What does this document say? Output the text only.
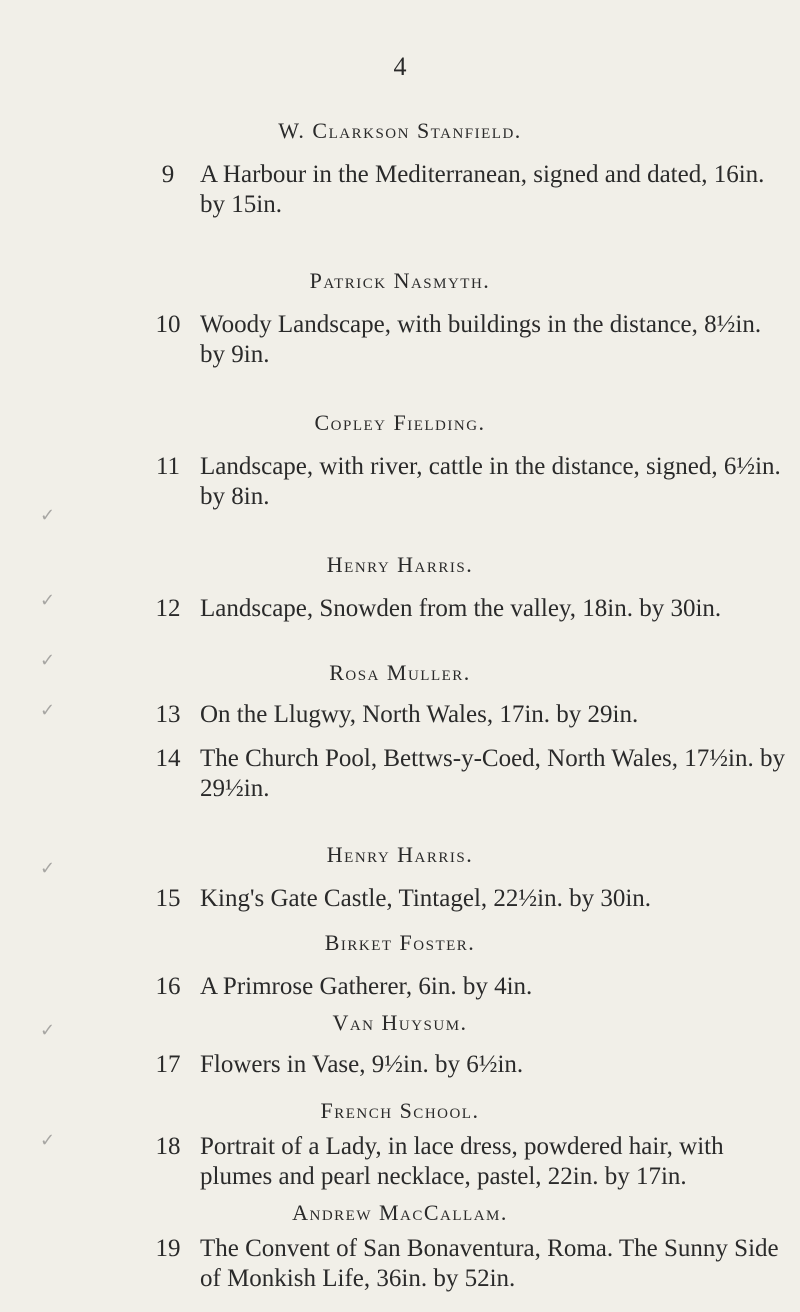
✓
✓
✓
✓
✓
✓
✓
4
W. Clarkson Stanfield.
9	A Harbour in the Mediterranean, signed and dated, 16in. by 15in.
Patrick Nasmyth.
10 Woody Landscape, with buildings in the distance, 8½in. by 9in.
Copley Fielding.
11 Landscape, with river, cattle in the distance, signed, 6½in. by 8in.
Henry Harris.
12 Landscape, Snowden from the valley, 18in. by 30in.
Rosa Muller.
13 On the Llugwy, North Wales, 17in. by 29in.
14 The Church Pool, Bettws-y-Coed, North Wales, 17½in. by 29½in.
Henry Harris.
15 King's Gate Castle, Tintagel, 22½in. by 30in.
Birket Foster.
16 A Primrose Gatherer, 6in. by 4in.
Van Huysum.
17 Flowers in Vase, 9½in. by 6½in.
French School.
18 Portrait of a Lady, in lace dress, powdered hair, with plumes and pearl necklace, pastel, 22in. by 17in.
Andrew MacCallam.
19 The Convent of San Bonaventura, Roma. The Sunny Side of Monkish Life, 36in. by 52in.
